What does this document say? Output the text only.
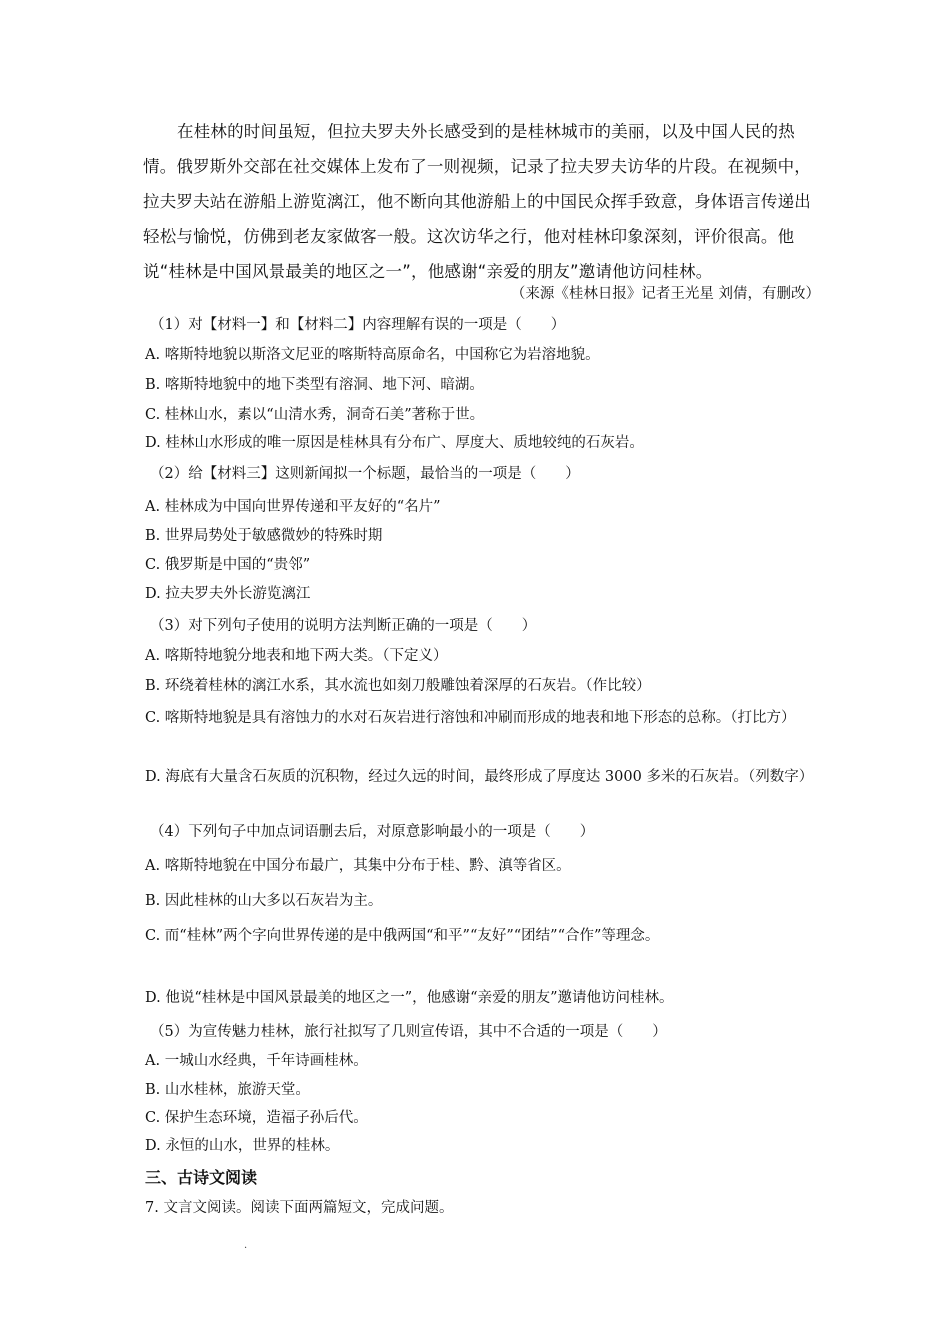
在桂林的时间虽短，但拉夫罗夫外长感受到的是桂林城市的美丽，以及中国人民的热情。俄罗斯外交部在社交媒体上发布了一则视频，记录了拉夫罗夫访华的片段。在视频中，拉夫罗夫站在游船上游览漓江，他不断向其他游船上的中国民众挥手致意，身体语言传递出轻松与愉悦，仿佛到老友家做客一般。这次访华之行，他对桂林印象深刻，评价很高。他说“桂林是中国风景最美的地区之一”，他感谢“亲爱的朋友”邀请他访问桂林。

（来源《桂林日报》记者王光星 刘倩，有删改）
（1）对【材料一】和【材料二】内容理解有误的一项是（　　）
A. 喀斯特地貌以斯洛文尼亚的喀斯特高原命名，中国称它为岩溶地貌。
B. 喀斯特地貌中的地下类型有溶洞、地下河、暗湖。
C. 桂林山水，素以“山清水秀，洞奇石美”著称于世。
D. 桂林山水形成的唯一原因是桂林具有分布广、厚度大、质地较纯的石灰岩。
（2）给【材料三】这则新闻拟一个标题，最恰当的一项是（　　）
A. 桂林成为中国向世界传递和平友好的“名片”
B. 世界局势处于敏感微妙的特殊时期
C. 俄罗斯是中国的“贵邻”
D. 拉夫罗夫外长游览漓江
（3）对下列句子使用的说明方法判断正确的一项是（　　）
A. 喀斯特地貌分地表和地下两大类。（下定义）
B. 环绕着桂林的漓江水系，其水流也如刻刀般雕蚀着深厚的石灰岩。（作比较）
C. 喀斯特地貌是具有溶蚀力的水对石灰岩进行溶蚀和冲刷而形成的地表和地下形态的总称。（打比方）
D. 海底有大量含石灰质的沉积物，经过久远的时间，最终形成了厚度达 3000 多米的石灰岩。（列数字）
（4）下列句子中加点词语删去后，对原意影响最小的一项是（　　）
A. 喀斯特地貌在中国分布最广，其集中分布于桂、黔、滇等省区。
B. 因此桂林的山大多以石灰岩为主。
C. 而“桂林”两个字向世界传递的是中俄两国“和平”“友好”“团结”“合作”等理念。
D. 他说“桂林是中国风景最美的地区之一”，他感谢“亲爱的朋友”邀请他访问桂林。
（5）为宣传魅力桂林，旅行社拟写了几则宣传语，其中不合适的一项是（　　）
A. 一城山水经典，千年诗画桂林。
B. 山水桂林，旅游天堂。
C. 保护生态环境，造福子孙后代。
D. 永恒的山水，世界的桂林。
三、古诗文阅读
7. 文言文阅读。阅读下面两篇短文，完成问题。
·
